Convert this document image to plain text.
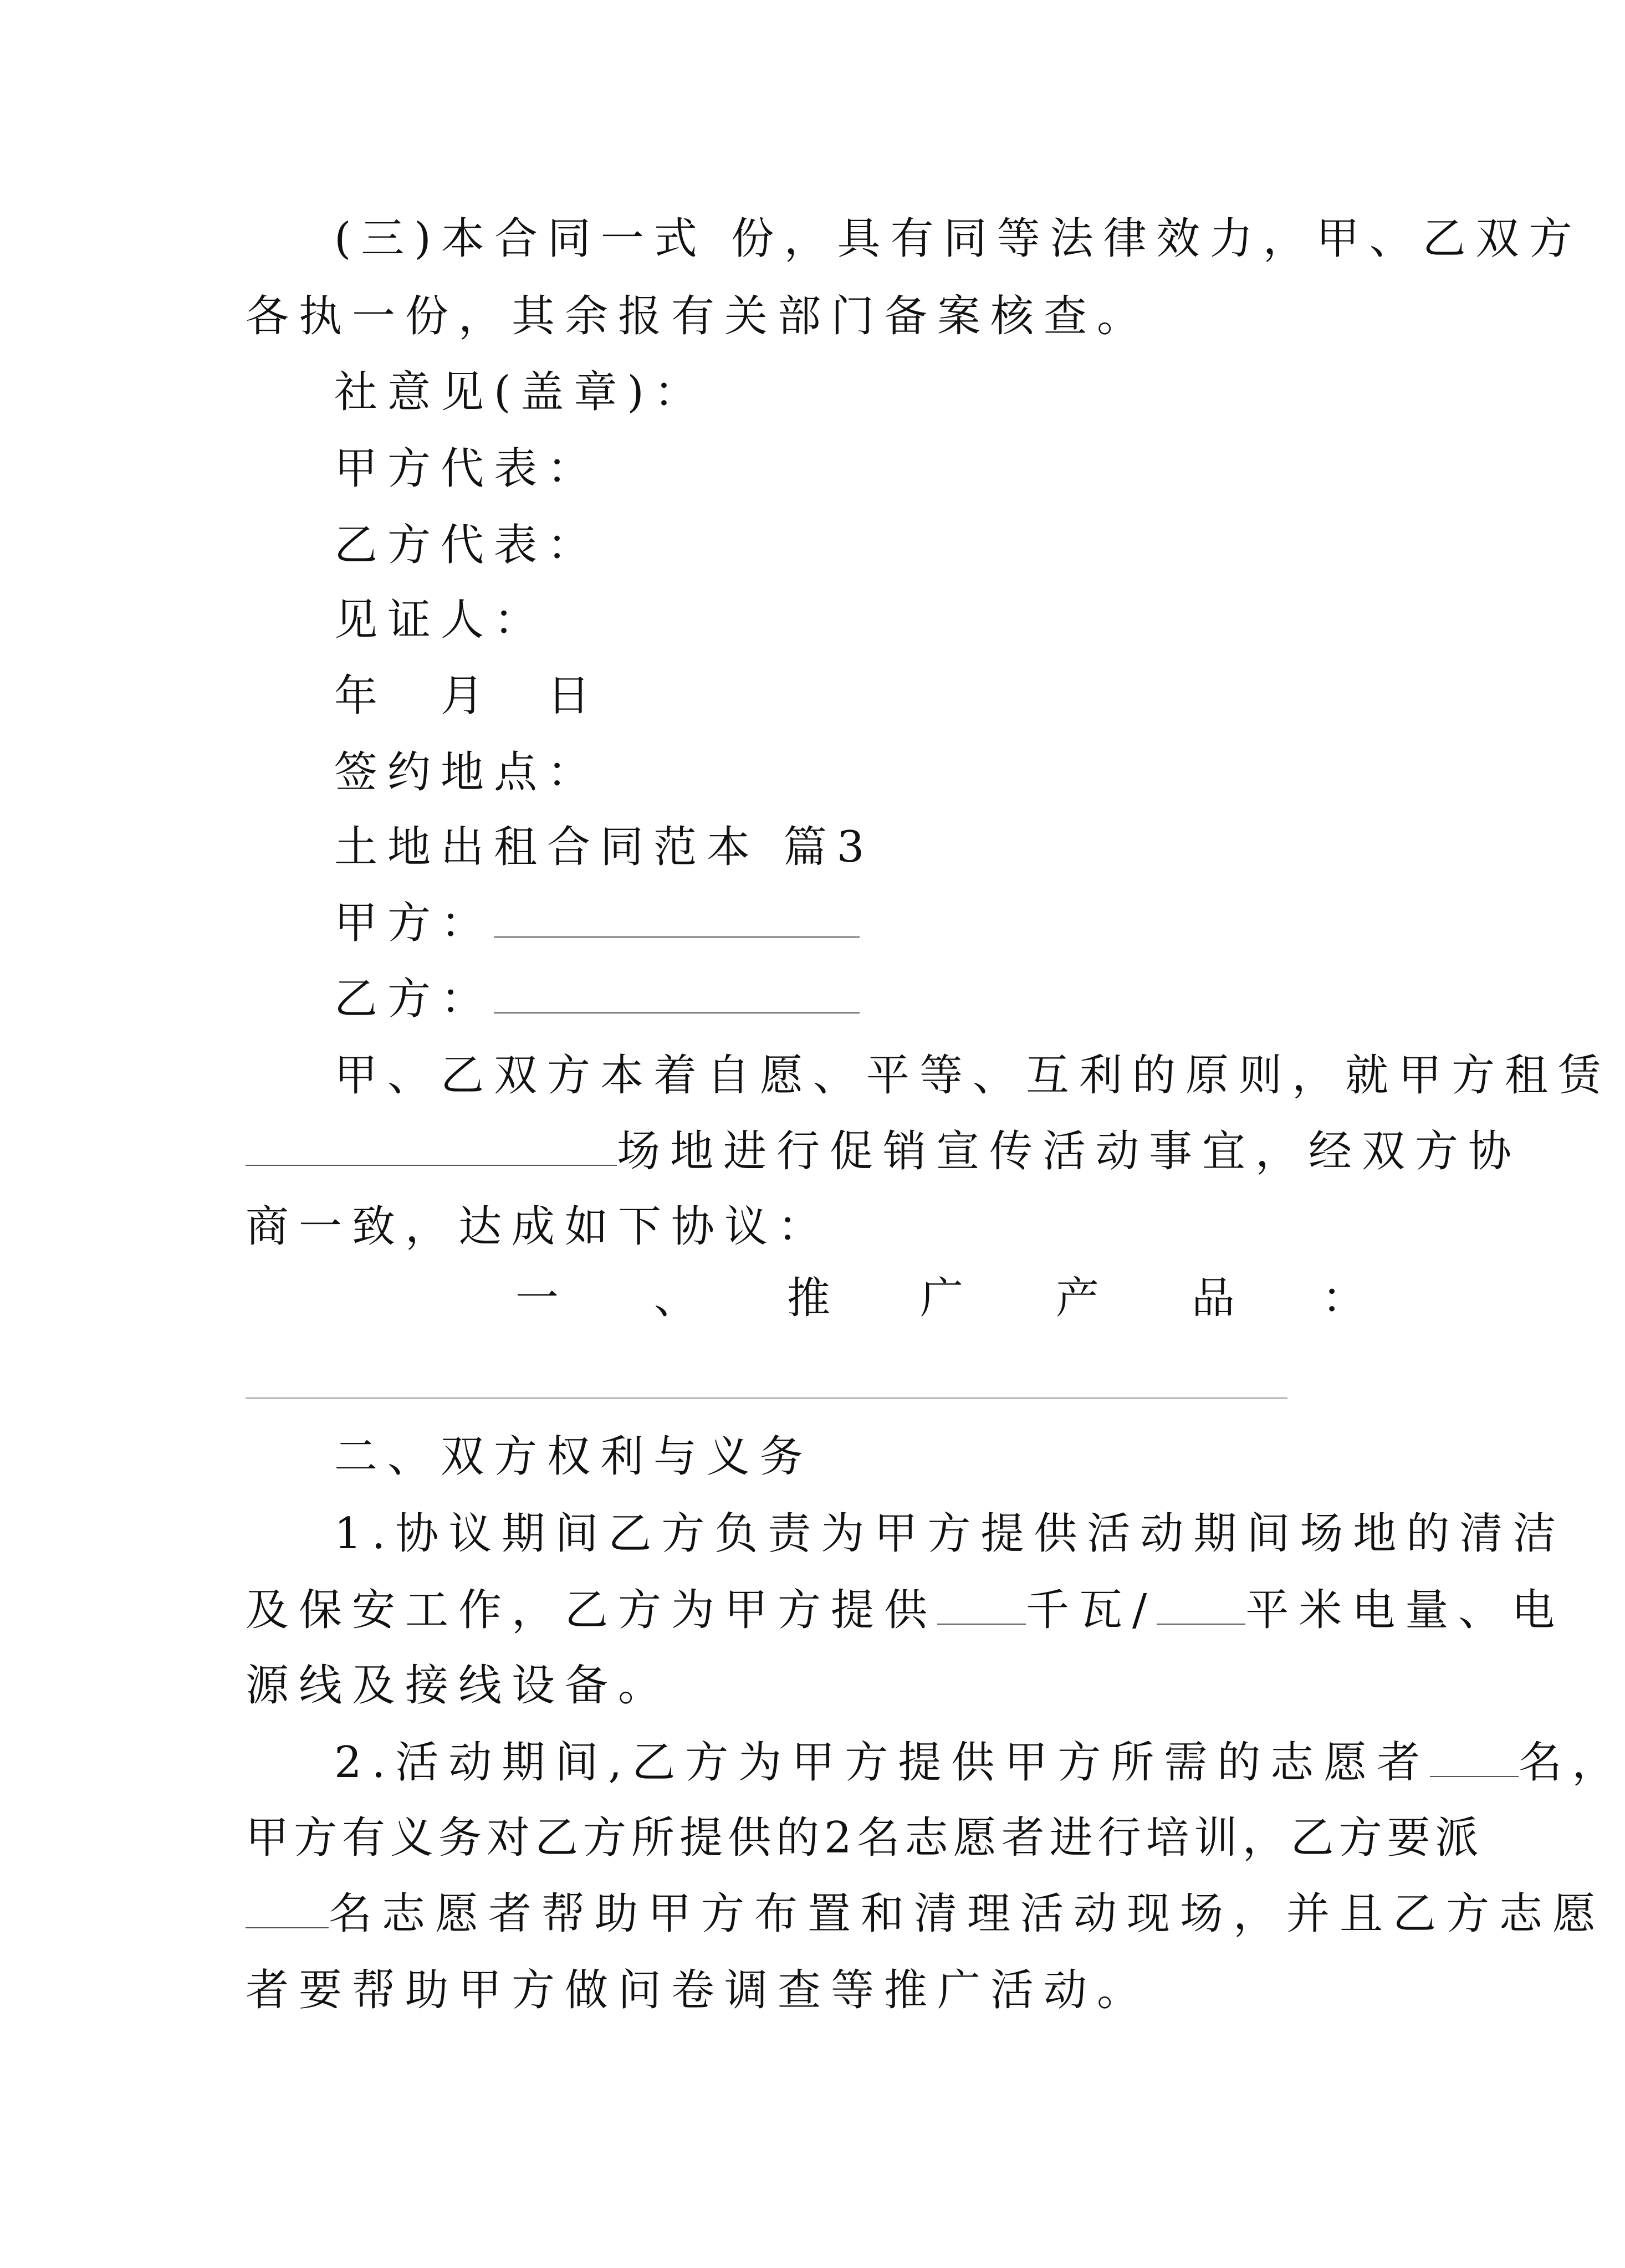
(三)本合同一式 份，具有同等法律效力，甲、乙双方
各执一份，其余报有关部门备案核查。
社意见(盖章)：
甲方代表：
乙方代表：
见证人：
年　月　日
签约地点：
土地出租合同范本 篇3
甲方：
乙方：
甲、乙双方本着自愿、平等、互利的原则，就甲方租赁
场地进行促销宣传活动事宜，经双方协
商一致，达成如下协议：
一 、 推 广 产 品 ：
二、双方权利与义务
1.协议期间乙方负责为甲方提供活动期间场地的清洁
及保安工作，乙方为甲方提供 千瓦/ 平米电量、电
源线及接线设备。
2.活动期间,乙方为甲方提供甲方所需的志愿者 名，
甲方有义务对乙方所提供的2名志愿者进行培训，乙方要派
名志愿者帮助甲方布置和清理活动现场，并且乙方志愿
者要帮助甲方做问卷调查等推广活动。
